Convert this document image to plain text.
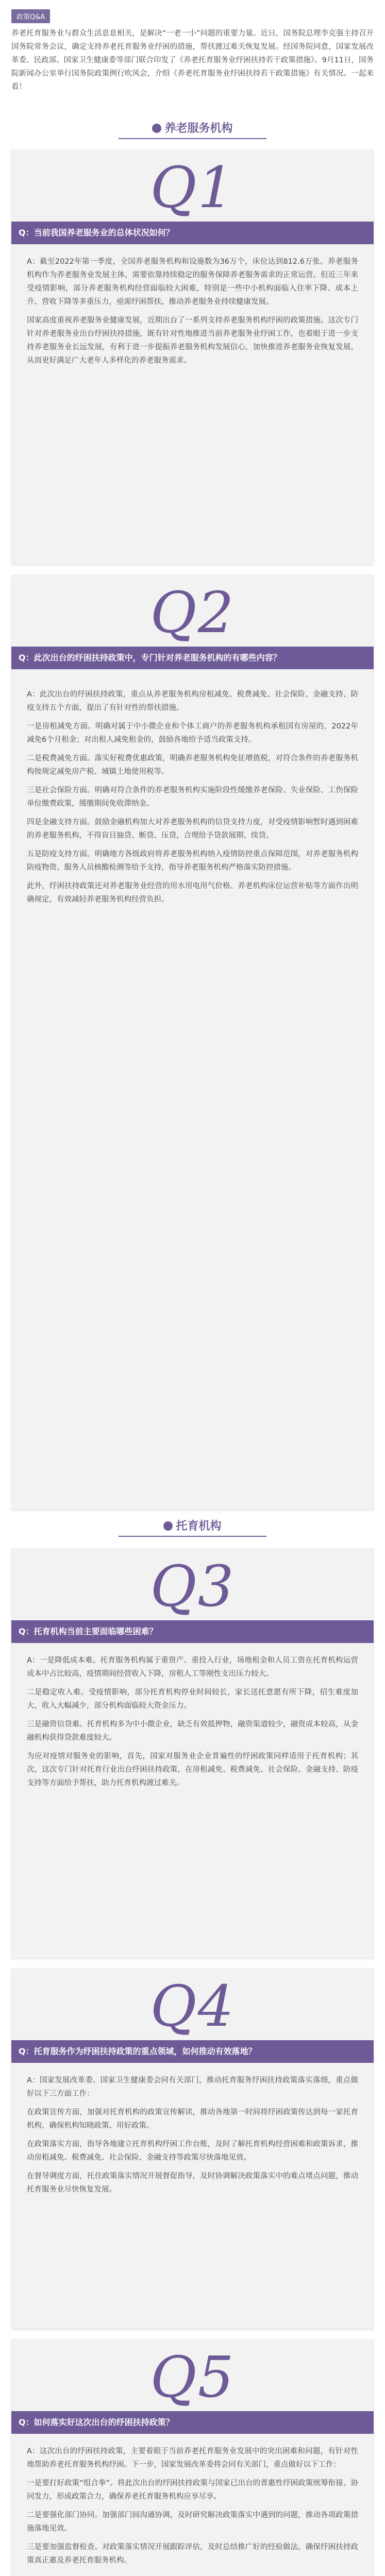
政策Q&A
养老托育服务业与群众生活息息相关，是解决“一老一小”问题的重要力量。近日，国务院总理李克强主持召开国务院常务会议，确定支持养老托育服务业纾困的措施，帮扶渡过难关恢复发展。经国务院同意，国家发展改革委、民政部、国家卫生健康委等部门联合印发了《养老托育服务业纾困扶持若干政策措施》。9月11日，国务院新闻办公室举行国务院政策例行吹风会，介绍《养老托育服务业纾困扶持若干政策措施》有关情况。一起来看！
养老服务机构
Q1
Q：当前我国养老服务业的总体状况如何？

A：截至2022年第一季度，全国养老服务机构和设施数为36万个，床位达到812.6万张。养老服务机构作为养老服务业发展主体，需要依靠持续稳定的服务保障养老服务需求的正常运营。但近三年来受疫情影响，部分养老服务机构经营面临较大困难，特别是一些中小机构面临入住率下降、成本上升、营收下降等多重压力，亟需纾困帮扶，推动养老服务业持续健康发展。

国家高度重视养老服务业健康发展，近期出台了一系列支持养老服务机构纾困的政策措施。这次专门针对养老服务业出台纾困扶持措施，既有针对性地推进当前养老服务业纾困工作，也着眼于进一步支持养老服务业长远发展，有利于进一步提振养老服务机构发展信心，加快推进养老服务业恢复发展，从而更好满足广大老年人多样化的养老服务需求。

Q2
Q：此次出台的纾困扶持政策中，专门针对养老服务机构的有哪些内容？

A：此次出台的纾困扶持政策，重点从养老服务机构房租减免、税费减免、社会保险、金融支持、防疫支持五个方面，提出了有针对性的帮扶措施。

一是房租减免方面。明确对属于中小微企业和个体工商户的养老服务机构承租国有房屋的，2022年减免6个月租金；对出租人减免租金的，鼓励各地给予适当政策支持。

二是税费减免方面。落实好税费优惠政策，明确养老服务机构免征增值税，对符合条件的养老服务机构按规定减免房产税、城镇土地使用税等。

三是社会保险方面。明确对符合条件的养老服务机构实施阶段性缓缴养老保险、失业保险、工伤保险单位缴费政策，缓缴期间免收滞纳金。

四是金融支持方面。鼓励金融机构加大对养老服务机构的信贷支持力度，对受疫情影响暂时遇到困难的养老服务机构，不得盲目抽贷、断贷、压贷，合理给予贷款展期、续贷。

五是防疫支持方面。明确地方各级政府将养老服务机构纳入疫情防控重点保障范围，对养老服务机构防疫物资、服务人员核酸检测等给予支持，指导养老服务机构严格落实防控措施。

此外，纾困扶持政策还对养老服务业经营的用水用电用气价格、养老机构床位运营补贴等方面作出明确规定，有效减轻养老服务机构经营负担。

托育机构
Q3
Q：托育机构当前主要面临哪些困难？

A：一是降低成本难。托育服务机构属于重资产、重投入行业，场地租金和人员工资在托育机构运营成本中占比较高，疫情期间经营收入下降，房租人工等刚性支出压力较大。

二是稳定收入难。受疫情影响，部分托育机构停业时间较长，家长送托意愿有所下降，招生难度加大，收入大幅减少，部分机构面临较大资金压力。

三是融资信贷难。托育机构多为中小微企业，缺乏有效抵押物，融资渠道较少，融资成本较高，从金融机构获得贷款难度较大。

为应对疫情对服务业的影响，首先，国家对服务业企业普遍性的纾困政策同样适用于托育机构；其次，这次专门针对托育行业出台纾困扶持政策，在房租减免、税费减免、社会保险、金融支持、防疫支持等方面给予帮扶，助力托育机构渡过难关。

Q4
Q：托育服务作为纾困扶持政策的重点领域，如何推动有效落地？

A：国家发展改革委、国家卫生健康委会同有关部门，推动托育服务纾困扶持政策落实落细，重点做好以下三方面工作：

在政策宣传方面，加强对托育机构的政策宣传解读，推动各地第一时间将纾困政策传达到每一家托育机构，确保机构知晓政策、用好政策。

在政策落实方面，指导各地建立托育机构纾困工作台账，及时了解托育机构经营困难和政策诉求，推动房租减免、税费减免、社会保险、金融支持等政策尽快落地见效。

在督导调度方面，托住政策落实情况开展督促指导，及时协调解决政策落实中的难点堵点问题，推动托育服务业尽快恢复发展。

Q5
Q：如何落实好这次出台的纾困扶持政策？

A：这次出台的纾困扶持政策，主要着眼于当前养老托育服务业发展中的突出困难和问题，有针对性地帮助养老托育服务机构纾困。下一步，国家发展改革委将会同有关部门，重点做好以下工作：

一是要打好政策“组合拳”。将此次出台的纾困扶持政策与国家已出台的普惠性纾困政策统筹衔接、协同发力，形成政策合力，确保养老托育服务机构应享尽享。

二是要强化部门协同。加强部门间沟通协调，及时研究解决政策落实中遇到的问题，推动各项政策措施落地见效。

三是要加强监督检查。对政策落实情况开展跟踪评估，及时总结推广好的经验做法，确保纾困扶持政策真正惠及养老托育服务机构。
